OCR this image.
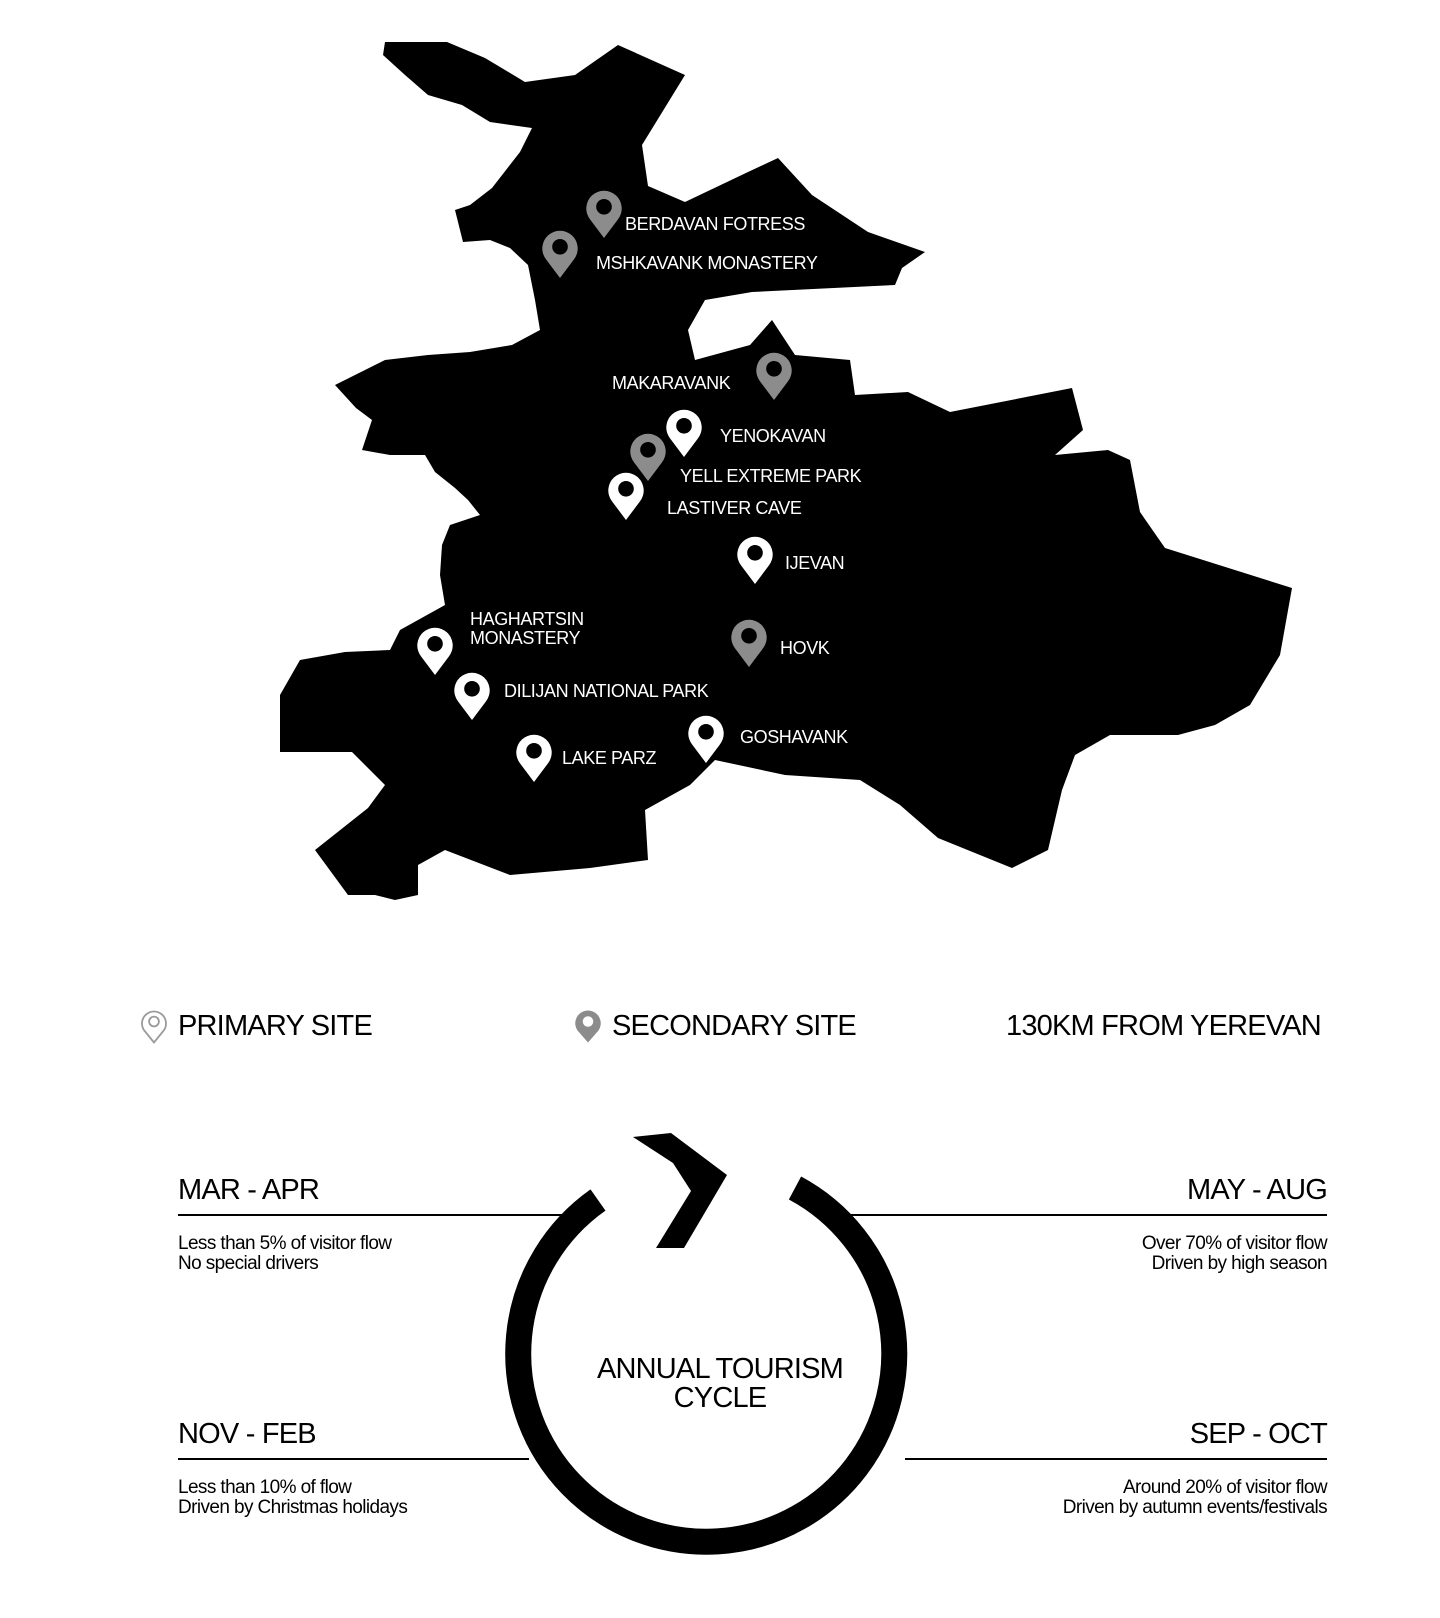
BERDAVAN FOTRESS
MSHKAVANK MONASTERY
MAKARAVANK
YENOKAVAN
YELL EXTREME PARK
LASTIVER CAVE
IJEVAN
HAGHARTSIN
MONASTERY	HOVK
DILIJAN NATIONAL PARK
GOSHAVANK
LAKE PARZ
PRIMARY SITE	SECONDARY SITE	130KM FROM YEREVAN
ANNUAL TOURISM
CYCLE
MAR - APR
Less than 5% of visitor flow
No special drivers
MAY - AUG
Over 70% of visitor flow
Driven by high season
NOV - FEB
Less than 10% of flow
Driven by Christmas holidays
SEP - OCT
Around 20% of visitor flow
Driven by autumn events/festivals
